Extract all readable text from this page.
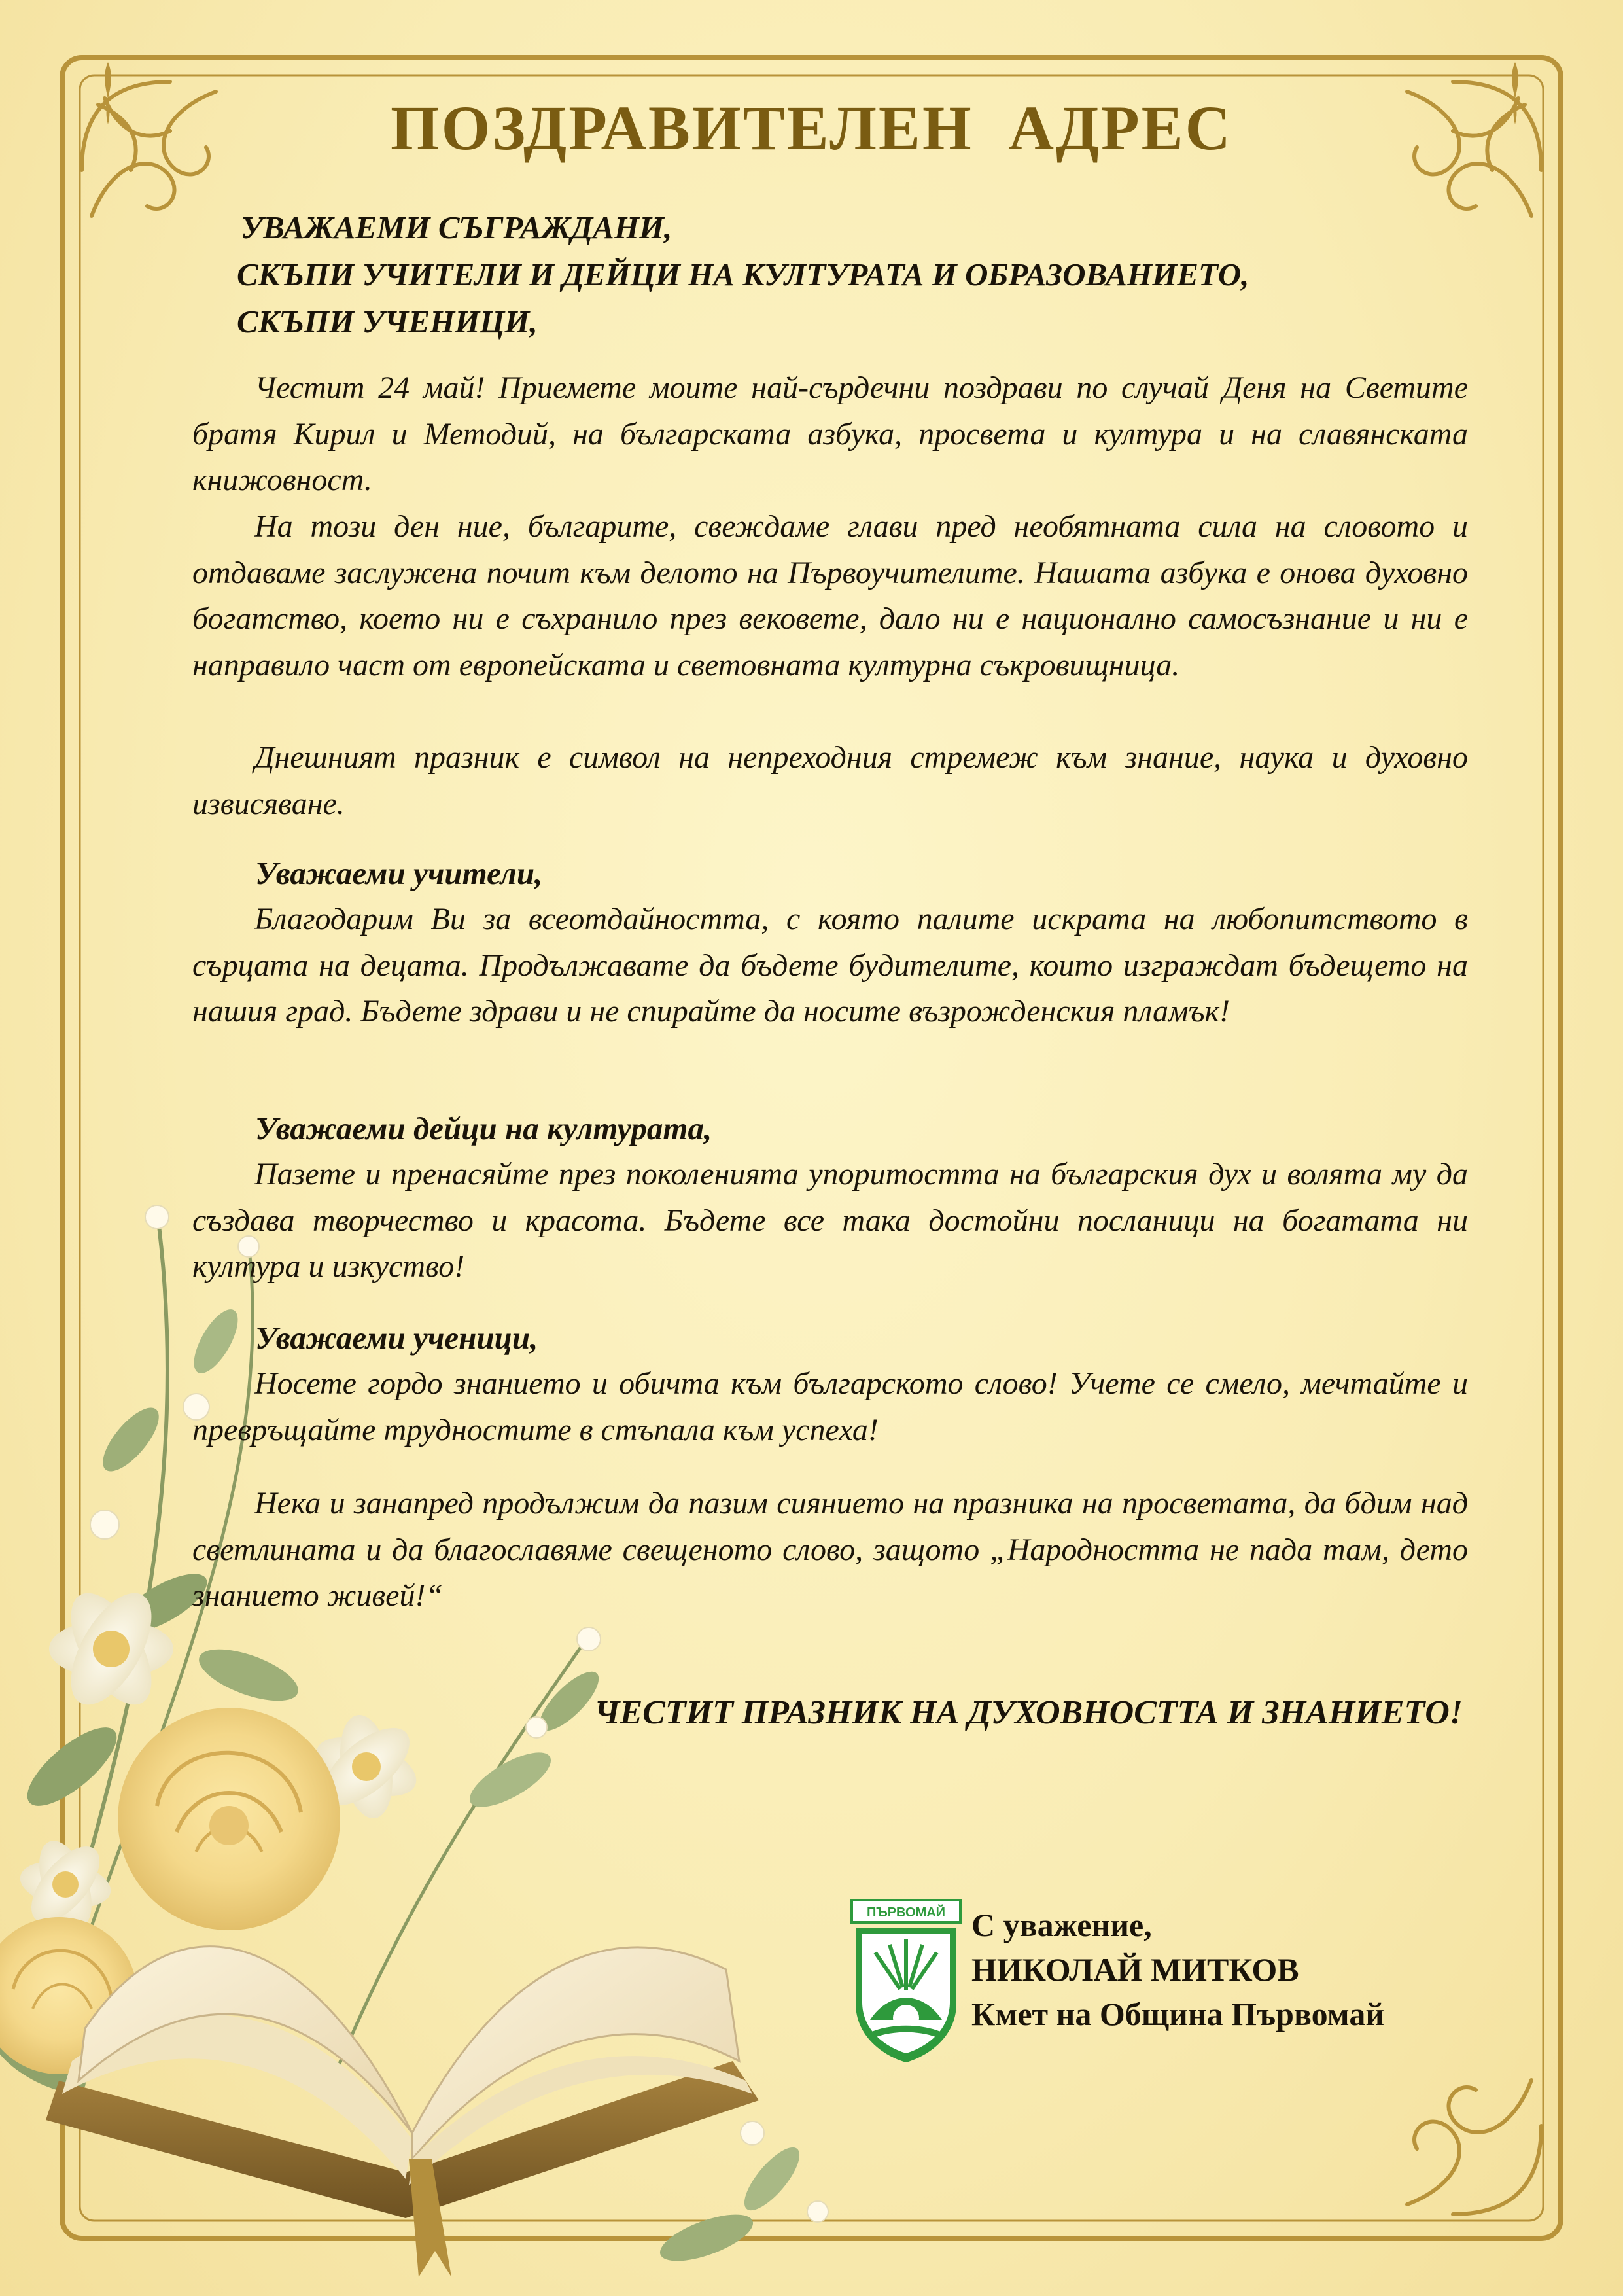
ПОЗДРАВИТЕЛЕН  АДРЕС
УВАЖАЕМИ СЪГРАЖДАНИ,
СКЪПИ УЧИТЕЛИ И ДЕЙЦИ НА КУЛТУРАТА И ОБРАЗОВАНИЕТО,
СКЪПИ УЧЕНИЦИ,

Честит 24 май! Приемете моите най-сърдечни поздрави по случай Деня на Светите братя Кирил и Методий, на българската азбука, просвета и култура и на славянската книжовност.

На този ден ние, българите, свеждаме глави пред необятната сила на словото и отдаваме заслужена почит към делото на Първоучителите. Нашата азбука е онова духовно богатство, което ни е съхранило през вековете, дало ни е национално самосъзнание и ни е направило част от европейската и световната културна съкровищница.

Днешният празник е символ на непреходния стремеж към знание, наука и духовно извисяване.

Уважаеми учители,

Благодарим Ви за всеотдайността, с която палите искрата на любопитството в сърцата на децата. Продължавате да бъдете будителите, които изграждат бъдещето на нашия град. Бъдете здрави и не спирайте да носите възрожденския пламък!

Уважаеми дейци на културата,

Пазете и пренасяйте през поколенията упоритостта на българския дух и волята му да създава творчество и красота. Бъдете все така достойни посланици на богатата ни култура и изкуство!

Уважаеми ученици,

Носете гордо знанието и обичта към българското слово! Учете се смело, мечтайте и превръщайте трудностите в стъпала към успеха!

Нека и занапред продължим да пазим сиянието на празника на просветата, да бдим над светлината и да благославяме свещеното слово, защото „Народността не пада там, дето знанието живей!“

ЧЕСТИТ ПРАЗНИК НА ДУХОВНОСТТА И ЗНАНИЕТО!

ПЪРВОМАЙ С уважение,
НИКОЛАЙ МИТКОВ
Кмет на Община Първомай
